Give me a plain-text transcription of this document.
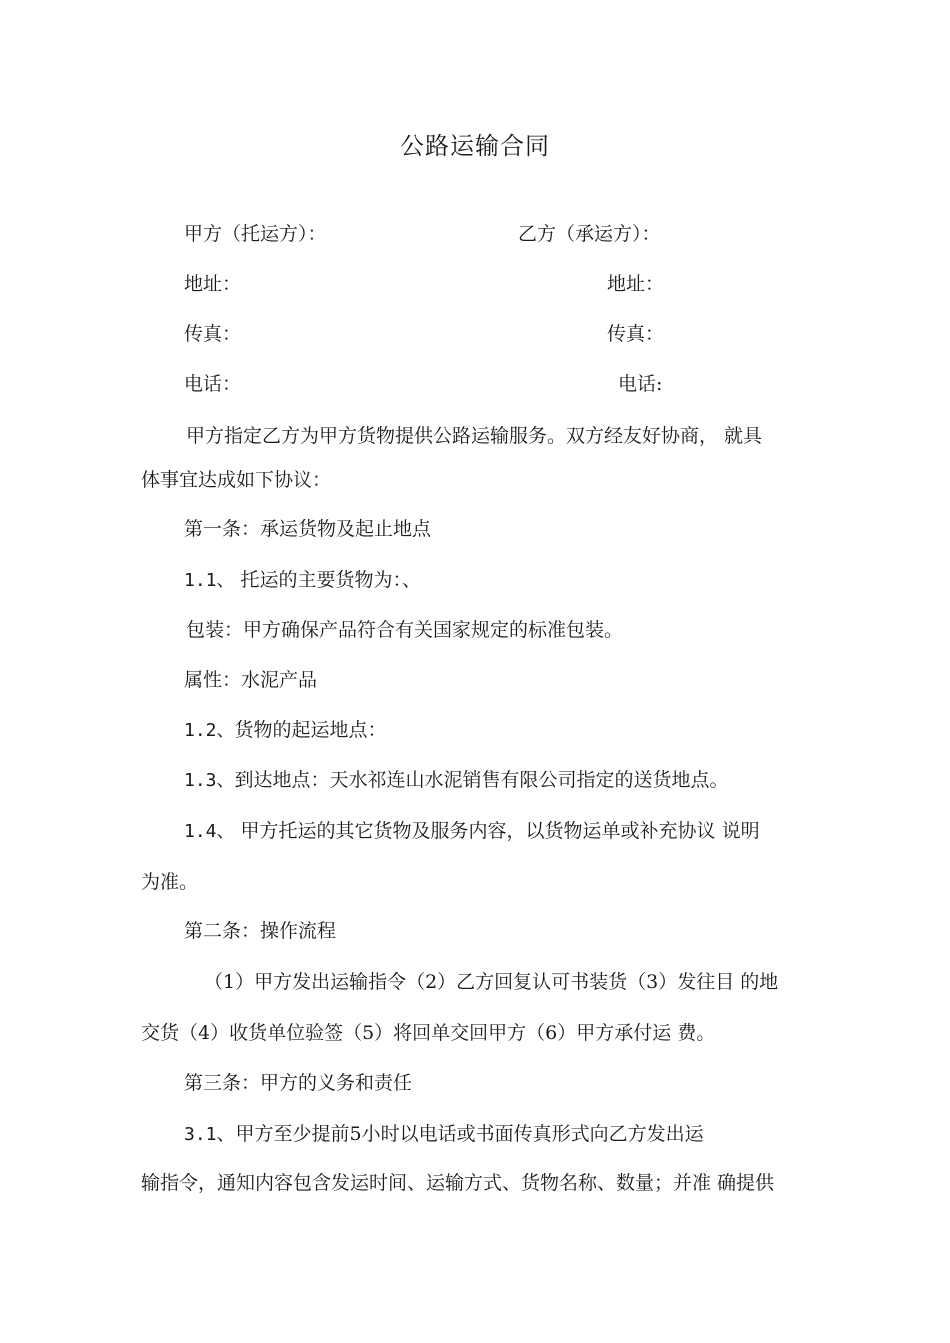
公路运输合同
甲方（托运方）：	乙方（承运方）：
地址：	地址：
传真：	传真：
电话：	电话:
甲方指定乙方为甲方货物提供公路运输服务。双方经友好协商， 就具
体事宜达成如下协议：
第一条：承运货物及起止地点
1.1、 托运的主要货物为：、
包装：甲方确保产品符合有关国家规定的标准包装。
属性：水泥产品
1.2、货物的起运地点：
1.3、到达地点：天水祁连山水泥销售有限公司指定的送货地点。
1.4、 甲方托运的其它货物及服务内容，以货物运单或补充协议 说明
为准。
第二条：操作流程
（1）甲方发出运输指令（2）乙方回复认可书装货（3）发往目 的地
交货（4）收货单位验签（5）将回单交回甲方（6）甲方承付运 费。
第三条：甲方的义务和责任
3.1、甲方至少提前5小时以电话或书面传真形式向乙方发出运
输指令，通知内容包含发运时间、运输方式、货物名称、数量；并准 确提供
